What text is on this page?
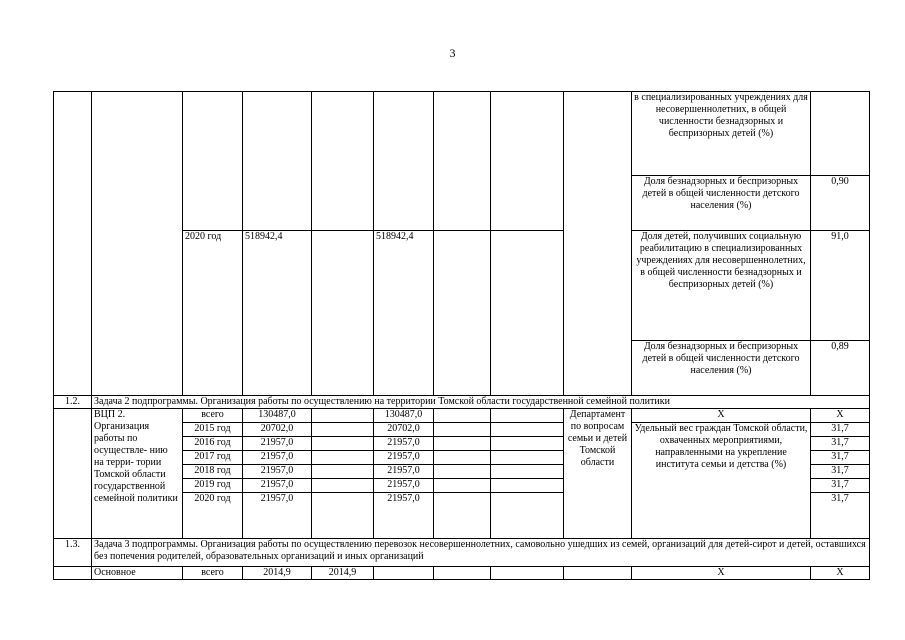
3
									в специализированных учреждениях для несовершеннолетних, в общей численности безнадзорных и беспризорных детей (%)	
									Доля безнадзорных и беспризорных детей в общей численности детского населения (%)	0,90
		2020 год	518942,4		518942,4				Доля детей, получивших социальную реабилитацию в специализированных учреждениях для несовершеннолетних, в общей численности безнадзорных и беспризорных детей (%)	91,0
									Доля безнадзорных и беспризорных детей в общей численности детского населения (%)	0,89
1.2.	Задача 2 подпрограммы. Организация работы по осуществлению на территории Томской области государственной семейной политики									
	ВЦП 2. Организация работы по осуществле- нию на терри- тории Томской области государственной семейной политики	всего	130487,0		130487,0			Департамент по вопросам семьи и детей Томской области	X	X
		2015 год	20702,0		20702,0				Удельный вес граждан Томской области, охваченных мероприятиями, направленными на укрепление института семьи и детства (%)	31,7
		2016 год	21957,0		21957,0					31,7
		2017 год	21957,0		21957,0					31,7
		2018 год	21957,0		21957,0					31,7
		2019 год	21957,0		21957,0					31,7
		2020 год	21957,0		21957,0					31,7
1.3.	Задача 3 подпрограммы. Организация работы по осуществлению перевозок несовершеннолетних, самовольно ушедших из семей, организаций для детей-сирот и детей, оставшихся без попечения родителей, образовательных организаций и иных организаций									
	Основное	всего	2014,9	2014,9					X	X
